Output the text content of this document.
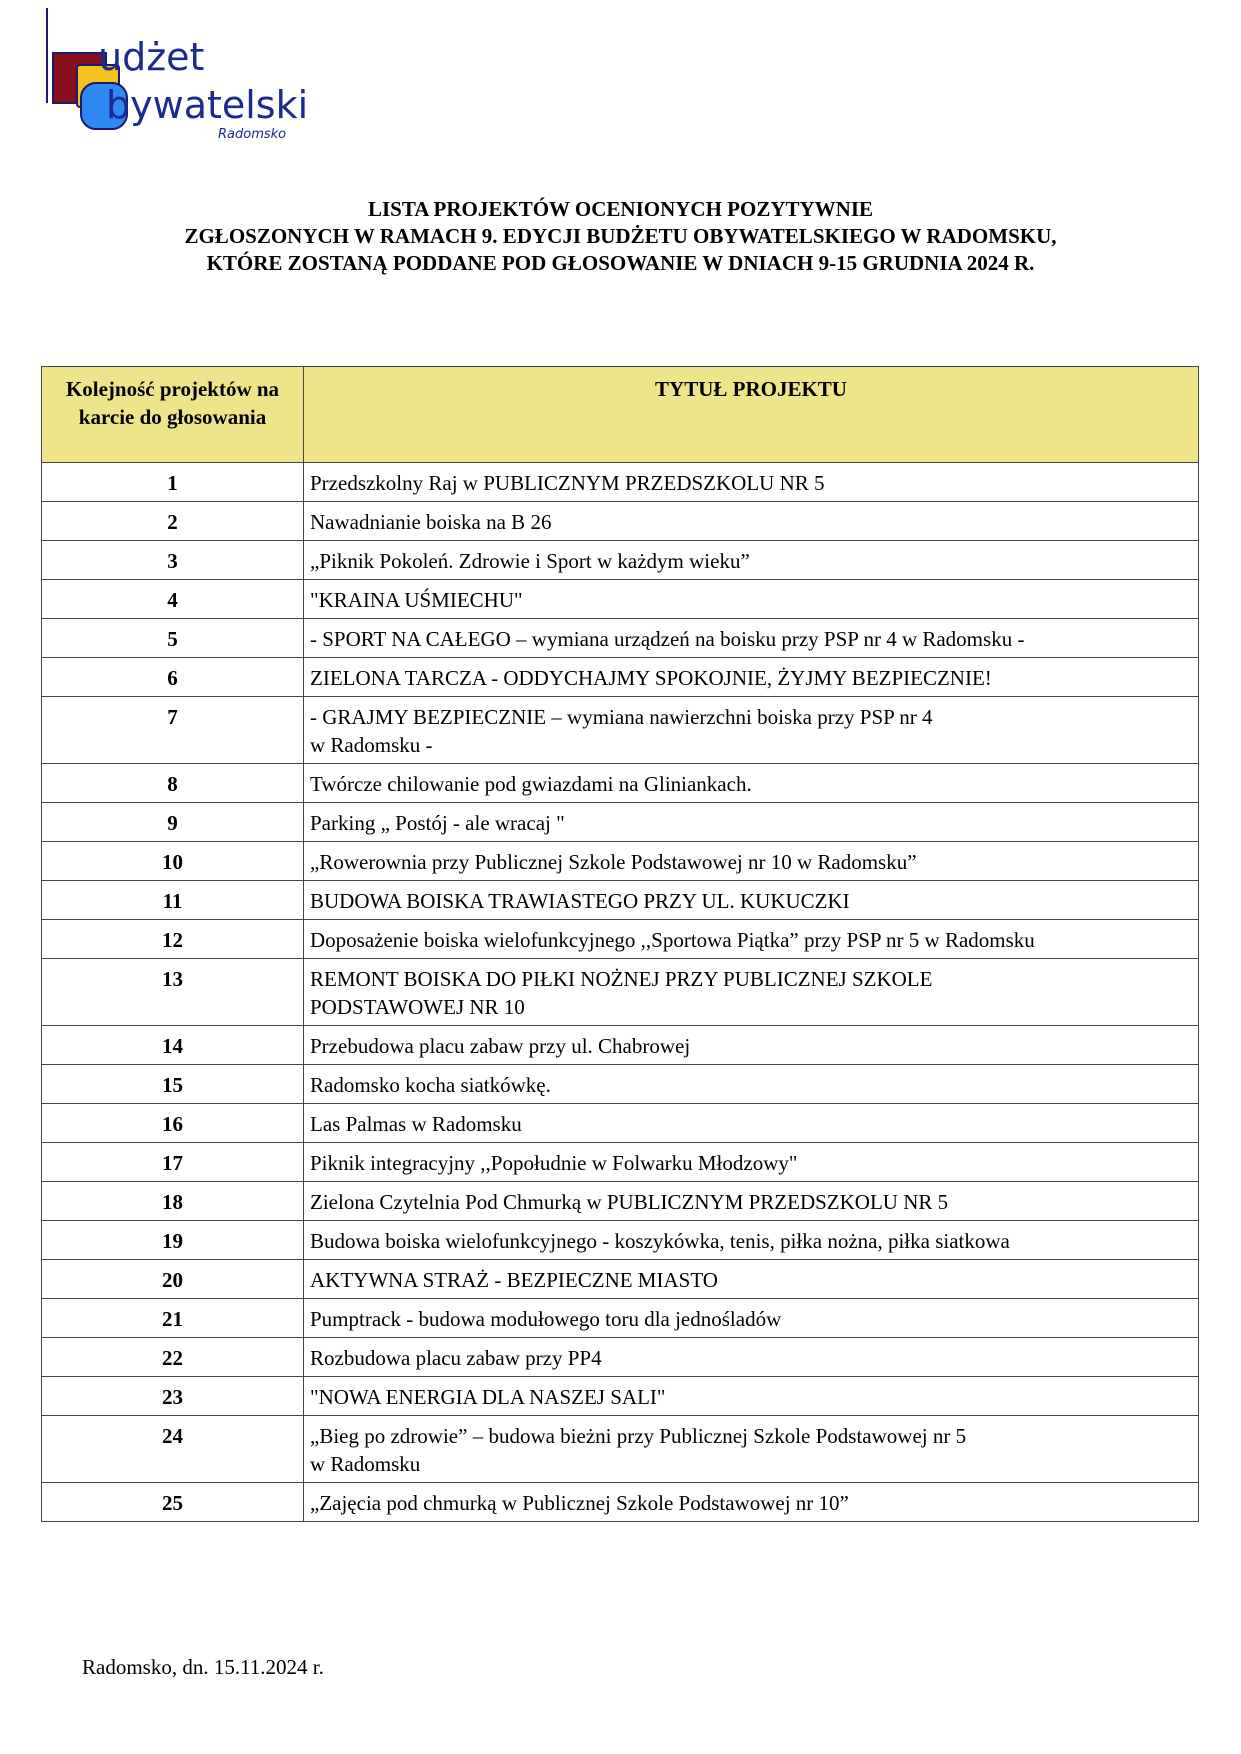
udżet
bywatelski
Radomsko
LISTA PROJEKTÓW OCENIONYCH POZYTYWNIE
ZGŁOSZONYCH W RAMACH 9. EDYCJI BUDŻETU OBYWATELSKIEGO W RADOMSKU,
KTÓRE ZOSTANĄ PODDANE POD GŁOSOWANIE W DNIACH 9-15 GRUDNIA 2024 R.
Kolejność projektów na karcie do głosowania	TYTUŁ PROJEKTU
1	Przedszkolny Raj w PUBLICZNYM PRZEDSZKOLU NR 5
2	Nawadnianie boiska na B 26
3	„Piknik Pokoleń. Zdrowie i Sport w każdym wieku”
4	"KRAINA UŚMIECHU"
5	- SPORT NA CAŁEGO – wymiana urządzeń na boisku przy PSP nr 4 w Radomsku -
6	ZIELONA TARCZA - ODDYCHAJMY SPOKOJNIE, ŻYJMY BEZPIECZNIE!
7	- GRAJMY BEZPIECZNIE – wymiana nawierzchni boiska przy PSP nr 4
w Radomsku -
8	Twórcze chilowanie pod gwiazdami na Gliniankach.
9	Parking „ Postój - ale wracaj "
10	„Rowerownia przy Publicznej Szkole Podstawowej nr 10 w Radomsku”
11	BUDOWA BOISKA TRAWIASTEGO PRZY UL. KUKUCZKI
12	Doposażenie boiska wielofunkcyjnego ,,Sportowa Piątka” przy PSP nr 5 w Radomsku
13	REMONT BOISKA DO PIŁKI NOŻNEJ PRZY PUBLICZNEJ SZKOLE
PODSTAWOWEJ NR 10
14	Przebudowa placu zabaw przy ul. Chabrowej
15	Radomsko kocha siatkówkę.
16	Las Palmas w Radomsku
17	Piknik integracyjny ,,Popołudnie w Folwarku Młodzowy"
18	Zielona Czytelnia Pod Chmurką w PUBLICZNYM PRZEDSZKOLU NR 5
19	Budowa boiska wielofunkcyjnego - koszykówka, tenis, piłka nożna, piłka siatkowa
20	AKTYWNA STRAŻ - BEZPIECZNE MIASTO
21	Pumptrack - budowa modułowego toru dla jednośladów
22	Rozbudowa placu zabaw przy PP4
23	"NOWA ENERGIA DLA NASZEJ SALI"
24	„Bieg po zdrowie” – budowa bieżni przy Publicznej Szkole Podstawowej nr 5
w Radomsku
25	„Zajęcia pod chmurką w Publicznej Szkole Podstawowej nr 10”
Radomsko, dn. 15.11.2024 r.
